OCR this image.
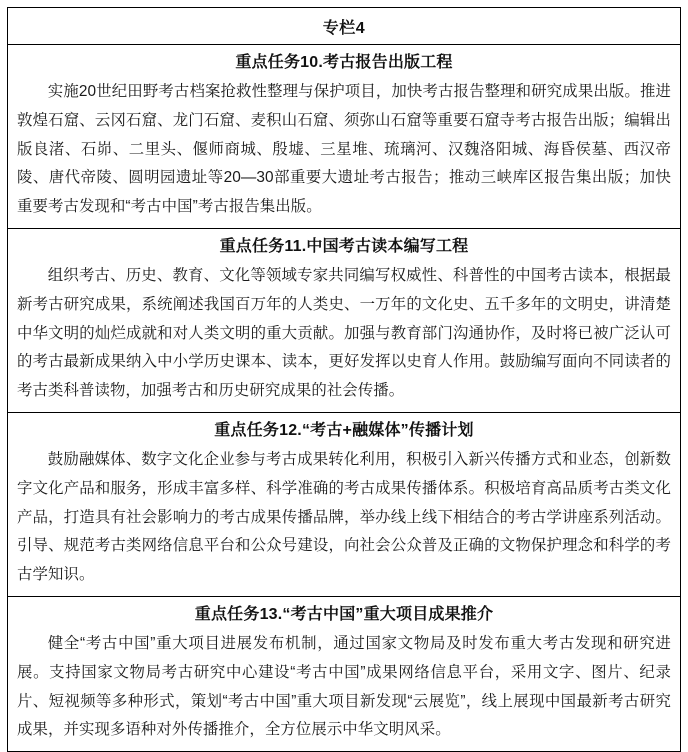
专栏4
重点任务10.考古报告出版工程
实施20世纪田野考古档案抢救性整理与保护项目，加快考古报告整理和研究成果出版。推进敦煌石窟、云冈石窟、龙门石窟、麦积山石窟、须弥山石窟等重要石窟寺考古报告出版；编辑出版良渚、石峁、二里头、偃师商城、殷墟、三星堆、琉璃河、汉魏洛阳城、海昏侯墓、西汉帝陵、唐代帝陵、圆明园遗址等20—30部重要大遗址考古报告；推动三峡库区报告集出版；加快重要考古发现和“考古中国”考古报告集出版。
重点任务11.中国考古读本编写工程
组织考古、历史、教育、文化等领域专家共同编写权威性、科普性的中国考古读本，根据最新考古研究成果，系统阐述我国百万年的人类史、一万年的文化史、五千多年的文明史，讲清楚中华文明的灿烂成就和对人类文明的重大贡献。加强与教育部门沟通协作，及时将已被广泛认可的考古最新成果纳入中小学历史课本、读本，更好发挥以史育人作用。鼓励编写面向不同读者的考古类科普读物，加强考古和历史研究成果的社会传播。
重点任务12.“考古+融媒体”传播计划
鼓励融媒体、数字文化企业参与考古成果转化利用，积极引入新兴传播方式和业态，创新数字文化产品和服务，形成丰富多样、科学准确的考古成果传播体系。积极培育高品质考古类文化产品，打造具有社会影响力的考古成果传播品牌，举办线上线下相结合的考古学讲座系列活动。引导、规范考古类网络信息平台和公众号建设，向社会公众普及正确的文物保护理念和科学的考古学知识。
重点任务13.“考古中国”重大项目成果推介
健全“考古中国”重大项目进展发布机制，通过国家文物局及时发布重大考古发现和研究进展。支持国家文物局考古研究中心建设“考古中国”成果网络信息平台，采用文字、图片、纪录片、短视频等多种形式，策划“考古中国”重大项目新发现“云展览”，线上展现中国最新考古研究成果，并实现多语种对外传播推介，全方位展示中华文明风采。
